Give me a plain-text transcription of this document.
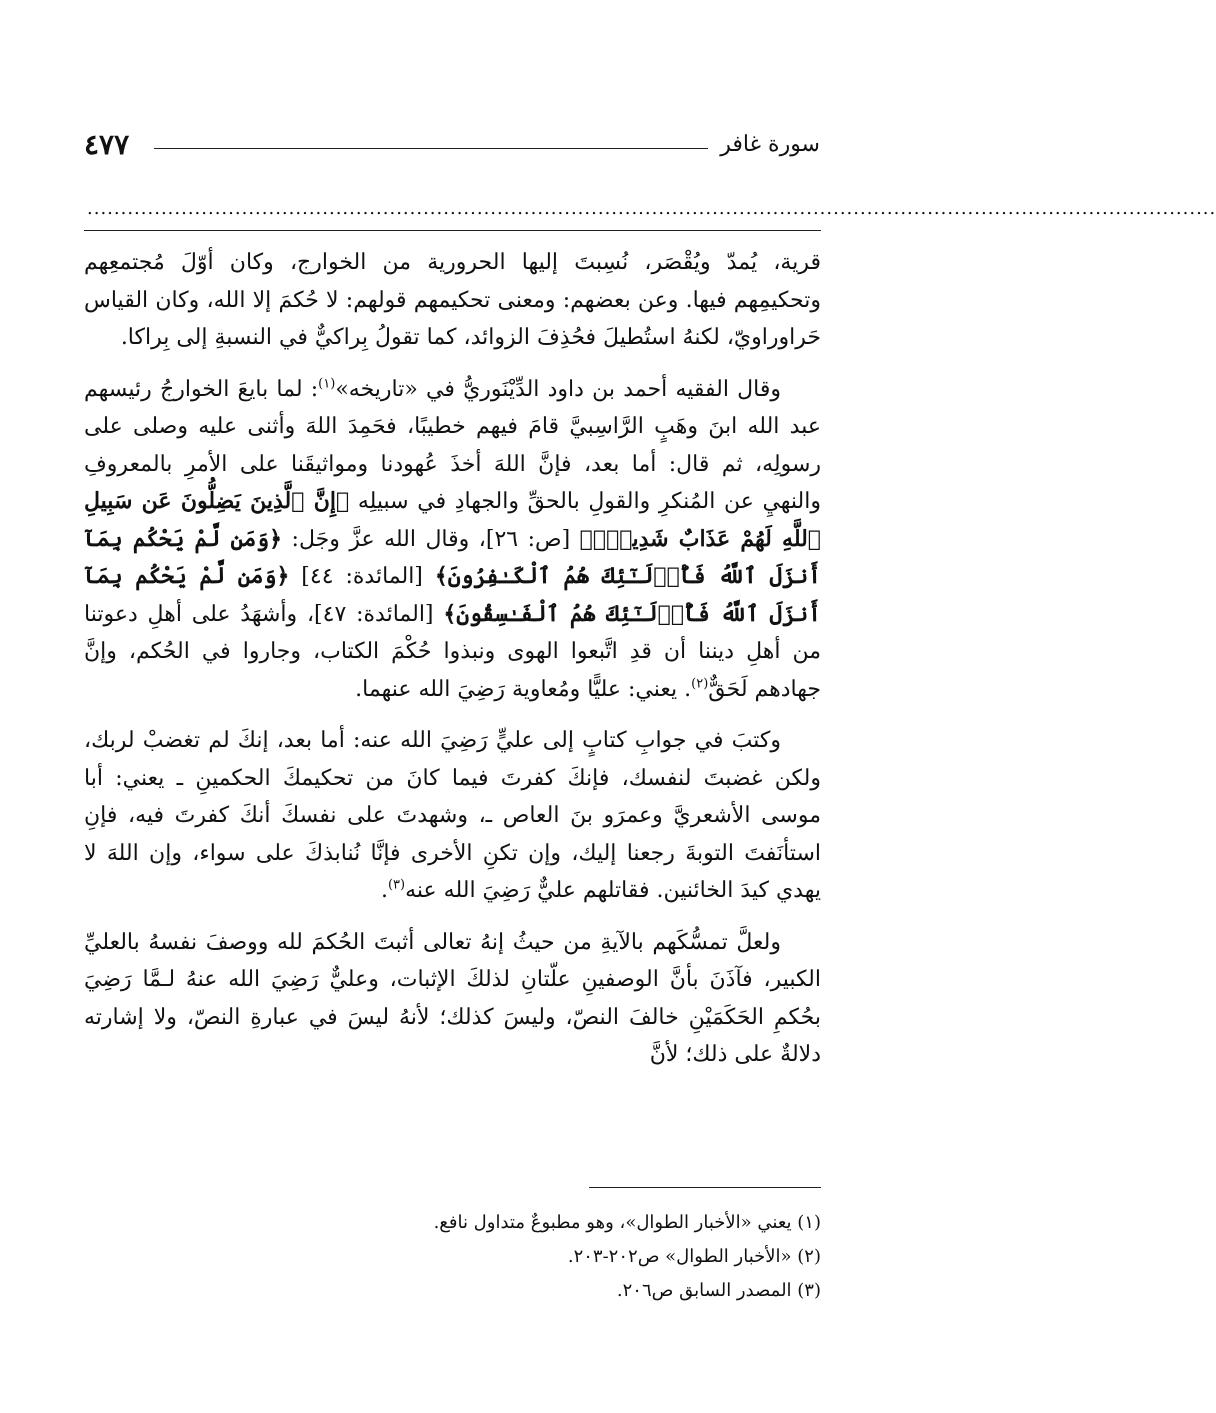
سورة غافر
٤٧٧
........................................................................................................................................................................

قرية، يُمدّ ويُقْصَر، نُسِبتَ إليها الحرورية من الخوارج، وكان أوّلَ مُجتمعِهم وتحكيمِهم فيها. وعن بعضهم: ومعنى تحكيمهم قولهم: لا حُكمَ إلا الله، وكان القياس حَراوراويّ، لكنهُ استُطيلَ فحُذِفَ الزوائد، كما تقولُ بِراكيٌّ في النسبةِ إلى بِراكا.

وقال الفقيه أحمد بن داود الدِّيْنَوريُّ في «تاريخه»$^{(١)}$: لما بايعَ الخوارجُ رئيسهم عبد الله ابنَ وهَبٍ الرَّاسِبيَّ قامَ فيهم خطيبًا، فحَمِدَ اللهَ وأثنى عليه وصلى على رسولِه، ثم قال: أما بعد، فإنَّ اللهَ أخذَ عُهودنا ومواثيقَنا على الأمرِ بالمعروفِ والنهيِ عن المُنكرِ والقولِ بالحقِّ والجهادِ في سبيلِه ﴿إِنَّ ٱلَّذِينَ يَضِلُّونَ عَن سَبِيلِ ٱللَّهِ لَهُمْ عَذَابٌ شَدِيدٌۢ﴾ [ص: ٢٦]، وقال الله عزَّ وجَل: ﴿وَمَن لَّمْ يَحْكُم بِمَآ أَنزَلَ ٱللَّهُ فَأُو۟لَـٰٓئِكَ هُمُ ٱلْكَـٰفِرُونَ﴾ [المائدة: ٤٤] ﴿وَمَن لَّمْ يَحْكُم بِمَآ أَنزَلَ ٱللَّهُ فَأُو۟لَـٰٓئِكَ هُمُ ٱلْفَـٰسِقُونَ﴾ [المائدة: ٤٧]، وأشهَدُ على أهلِ دعوتنا من أهلِ ديننا أن قدِ اتَّبعوا الهوى ونبذوا حُكْمَ الكتاب، وجاروا في الحُكم، وإنَّ جهادهم لَحَقٌّ$^{(٢)}$. يعني: عليًّا ومُعاوية رَضِيَ الله عنهما.

وكتبَ في جوابِ كتابٍ إلى عليٍّ رَضِيَ الله عنه: أما بعد، إنكَ لم تغضبْ لربك، ولكن غضبتَ لنفسك، فإنكَ كفرتَ فيما كانَ من تحكيمكَ الحكمينِ ـ يعني: أبا موسى الأشعريَّ وعمرَو بنَ العاص ـ، وشهدتَ على نفسكَ أنكَ كفرتَ فيه، فإنِ استأنَفتَ التوبةَ رجعنا إليك، وإن تكنِ الأخرى فإنَّا نُنابذكَ على سواء، وإن اللهَ لا يهدي كيدَ الخائنين. فقاتلهم عليٌّ رَضِيَ الله عنه$^{(٣)}$.

ولعلَّ تمسُّكَهم بالآيةِ من حيثُ إنهُ تعالى أثبتَ الحُكمَ لله ووصفَ نفسهُ بالعليِّ الكبير، فآذَنَ بأنَّ الوصفينِ علّتانِ لذلكَ الإثبات، وعليٌّ رَضِيَ الله عنهُ لـمَّا رَضِيَ بحُكمِ الحَكَمَيْنِ خالفَ النصّ، وليسَ كذلك؛ لأنهُ ليسَ في عبارةِ النصّ، ولا إشارته دلالةٌ على ذلك؛ لأنَّ

(١) يعني «الأخبار الطوال»، وهو مطبوعٌ متداول نافع.

(٢) «الأخبار الطوال» ص٢٠٢-٢٠٣.

(٣) المصدر السابق ص٢٠٦.
